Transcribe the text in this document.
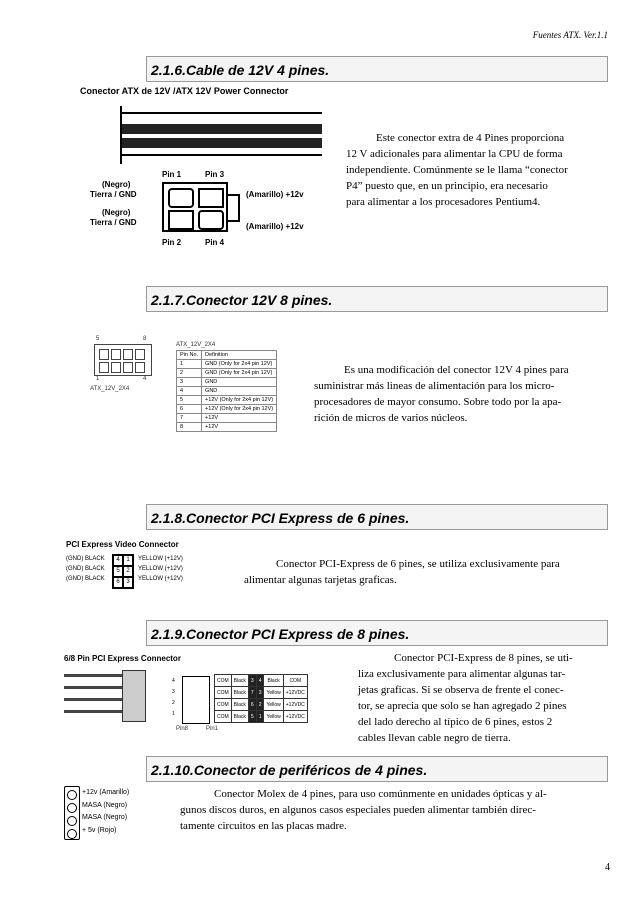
Fuentes ATX. Ver.1.1
2.1.6.Cable de 12V 4 pines.
Conector ATX de 12V /ATX 12V Power Connector
Pin 1	Pin 3
(Negro)
Tierra / GND
(Negro)
Tierra / GND
(Amarillo) +12v
(Amarillo) +12v
Pin 2	Pin 4
Este conector extra de 4 Pines proporciona
12 V adicionales para alimentar la CPU de forma
independiente. Comúnmente se le llama “conector
P4” puesto que, en un principio, era necesario
para alimentar a los procesadores Pentium4.
2.1.7.Conector 12V 8 pines.
5	8
1	4
ATX_12V_2X4
ATX_12V_2X4
Pin No.	Definition
1	GND (Only for 2x4 pin 12V)
2	GND (Only for 2x4 pin 12V)
3	GND
4	GND
5	+12V (Only for 2x4 pin 12V)
6	+12V (Only for 2x4 pin 12V)
7	+12V
8	+12V
Es una modificación del conector 12V 4 pines para
suministrar más lineas de alimentación para los micro-
procesadores de mayor consumo. Sobre todo por la apa-
rición de micros de varios núcleos.
2.1.8.Conector PCI Express de 6 pines.
PCI Express Video Connector
(GND) BLACK
(GND) BLACK
(GND) BLACK
4	1
5	2
6	3
YELLOW (+12V)
YELLOW (+12V)
YELLOW (+12V)
Conector PCI-Express de 6 pines, se utiliza exclusivamente para
alimentar algunas tarjetas graficas.
2.1.9.Conector PCI Express de 8 pines.
6/8 Pin PCI Express Connector
4
3
2
1
Pin8	Pin1
COM	Black	3	4	Black	COM
COM	Black	7	3	Yellow	+12VDC
COM	Black	6	2	Yellow	+12VDC
COM	Black	5	1	Yellow	+12VDC
Conector PCI-Express de 8 pines, se uti-
liza exclusivamente para alimentar algunas tar-
jetas graficas. Si se observa de frente el conec-
tor, se aprecia que solo se han agregado 2 pines
del lado derecho al típico de 6 pines, estos 2
cables llevan cable negro de tierra.
2.1.10.Conector de periféricos de 4 pines.
+12v (Amarillo)
MASA (Negro)
MASA (Negro)
+ 5v (Rojo)
Conector Molex de 4 pines, para uso comúnmente en unidades ópticas y al-
gunos discos duros, en algunos casos especiales pueden alimentar también direc-
tamente circuitos en las placas madre.
4
